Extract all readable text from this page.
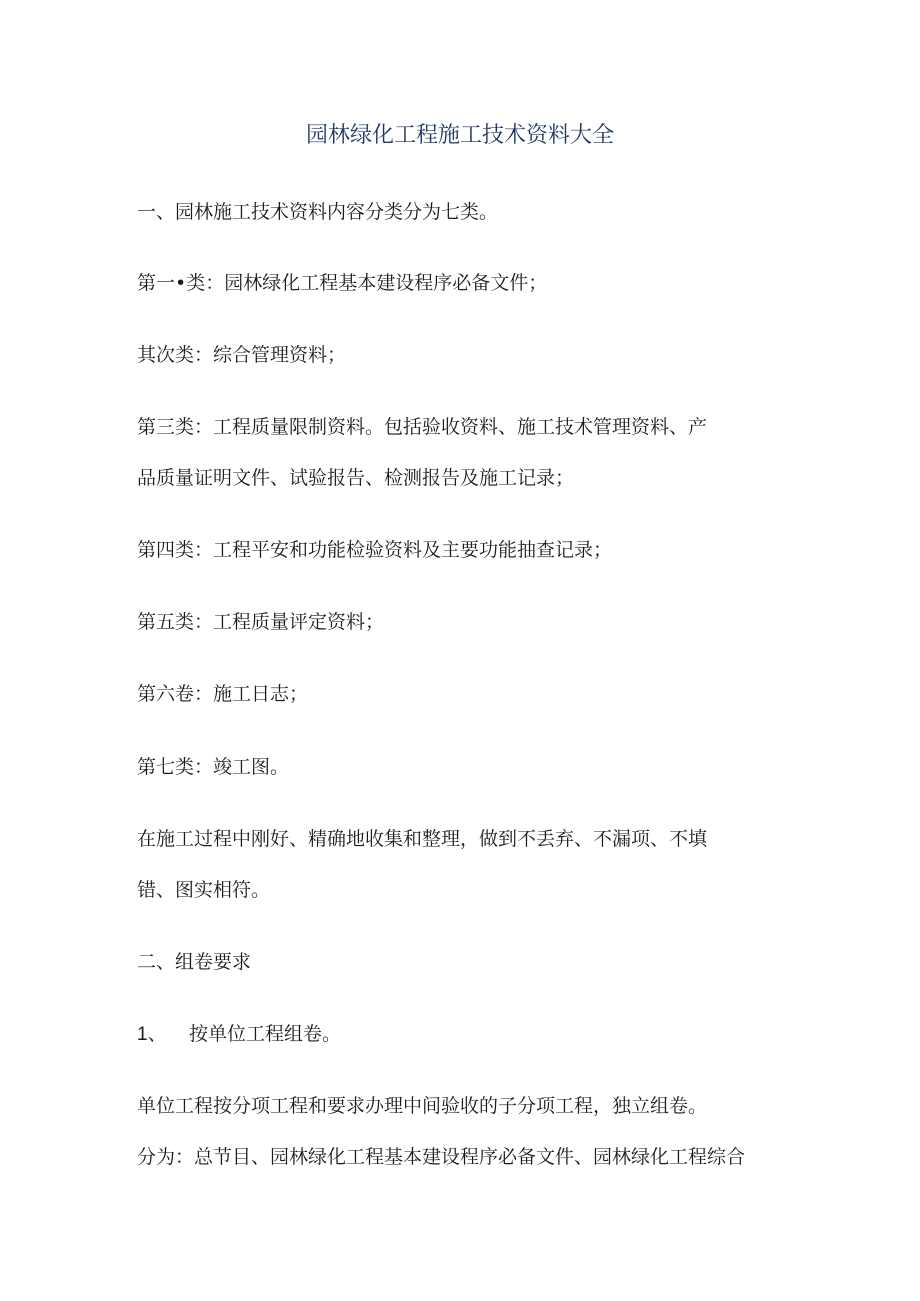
园林绿化工程施工技术资料大全
一、园林施工技术资料内容分类分为七类。
第一•类：园林绿化工程基本建设程序必备文件；
其次类：综合管理资料；
第三类：工程质量限制资料。包括验收资料、施工技术管理资料、产
品质量证明文件、试验报告、检测报告及施工记录；
第四类：工程平安和功能检验资料及主要功能抽查记录；
第五类：工程质量评定资料；
第六卷：施工日志；
第七类：竣工图。
在施工过程中刚好、精确地收集和整理，做到不丢弃、不漏项、不填
错、图实相符。
二、组卷要求
1、 按单位工程组卷。
单位工程按分项工程和要求办理中间验收的子分项工程，独立组卷。
分为：总节目、园林绿化工程基本建设程序必备文件、园林绿化工程综合
